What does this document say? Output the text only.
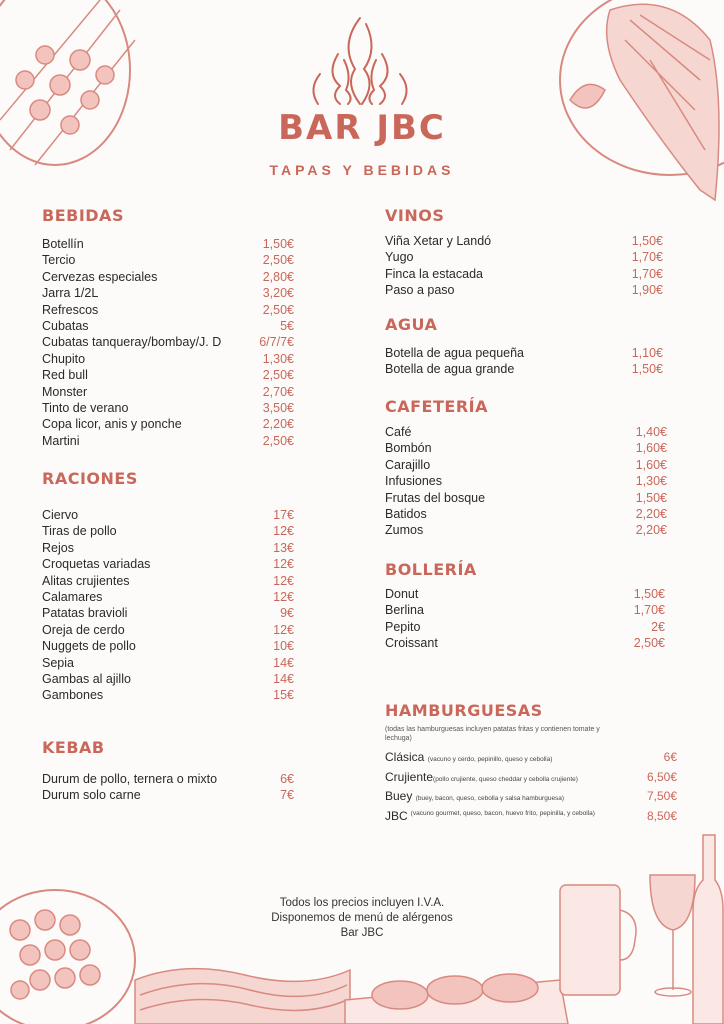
BAR JBC
TAPAS Y BEBIDAS
BEBIDAS
Botellín	1,50€
Tercio	2,50€
Cervezas especiales	2,80€
Jarra 1/2L	3,20€
Refrescos	2,50€
Cubatas	5€
Cubatas tanqueray/bombay/J. D	6/7/7€
Chupito	1,30€
Red bull	2,50€
Monster	2,70€
Tinto de verano	3,50€
Copa licor, anis y ponche	2,20€
Martini	2,50€
RACIONES
Ciervo	17€
Tiras de pollo	12€
Rejos	13€
Croquetas variadas	12€
Alitas crujientes	12€
Calamares	12€
Patatas bravioli	9€
Oreja de cerdo	12€
Nuggets de pollo	10€
Sepia	14€
Gambas al ajillo	14€
Gambones	15€
KEBAB
Durum de pollo, ternera o mixto	6€
Durum solo carne	7€
VINOS
Viña Xetar y Landó	1,50€
Yugo	1,70€
Finca la estacada	1,70€
Paso a paso	1,90€
AGUA
Botella de agua pequeña	1,10€
Botella de agua grande	1,50€
CAFETERÍA
Café	1,40€
Bombón	1,60€
Carajillo	1,60€
Infusiones	1,30€
Frutas del bosque	1,50€
Batidos	2,20€
Zumos	2,20€
BOLLERÍA
Donut	1,50€
Berlina	1,70€
Pepito	2€
Croissant	2,50€
HAMBURGUESAS
(todas las hamburguesas incluyen patatas fritas y contienen tomate y lechuga)
Clásica (vacuno y cerdo, pepinillo, queso y cebolla)	6€
Crujiente(pollo crujiente, queso cheddar y cebolla crujiente)	6,50€
Buey (buey, bacon, queso, cebolla y salsa hamburguesa)	7,50€
JBC (vacuno gourmet, queso, bacon, huevo frito, pepinilla, y cebolla)	8,50€
Todos los precios incluyen I.V.A.
Disponemos de menú de alérgenos
Bar JBC
